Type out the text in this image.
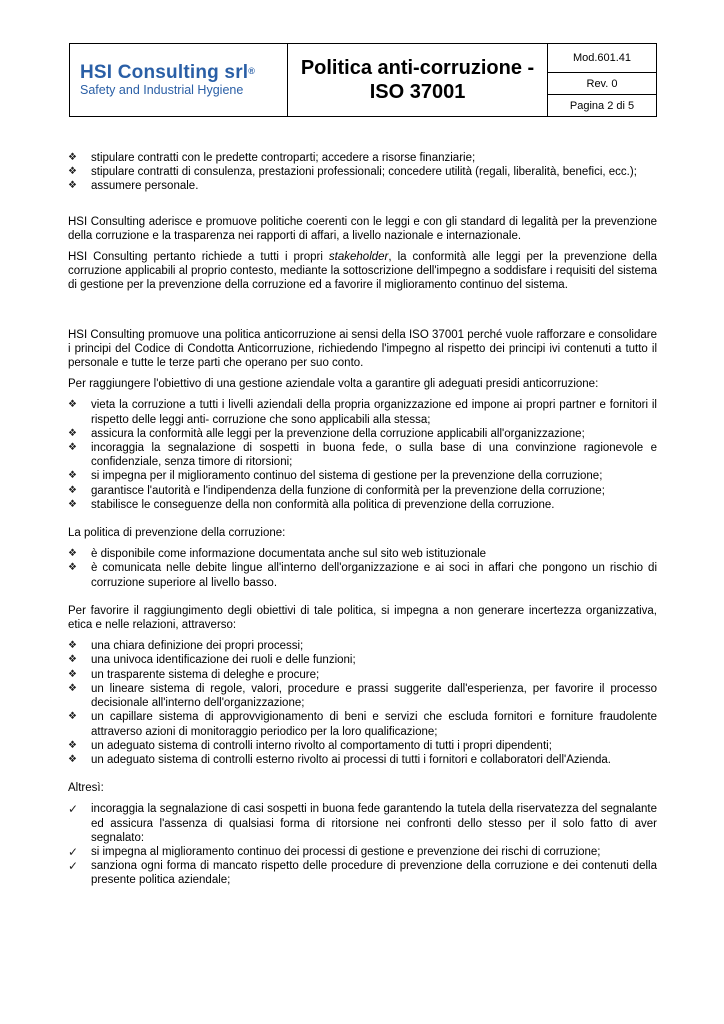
HSI Consulting srl®
Safety and Industrial Hygiene
Politica anti-corruzione - ISO 37001
Mod.601.41
Rev. 0
Pagina 2 di 5
❖ stipulare contratti con le predette controparti; accedere a risorse finanziarie;
❖ stipulare contratti di consulenza, prestazioni professionali; concedere utilità (regali, liberalità, benefici, ecc.);
❖ assumere personale.

HSI Consulting aderisce e promuove politiche coerenti con le leggi e con gli standard di legalità per la prevenzione della corruzione e la trasparenza nei rapporti di affari, a livello nazionale e internazionale.

HSI Consulting pertanto richiede a tutti i propri stakeholder, la conformità alle leggi per la prevenzione della corruzione applicabili al proprio contesto, mediante la sottoscrizione dell'impegno a soddisfare i requisiti del sistema di gestione per la prevenzione della corruzione ed a favorire il miglioramento continuo del sistema.

HSI Consulting promuove una politica anticorruzione ai sensi della ISO 37001 perché vuole rafforzare e consolidare i principi del Codice di Condotta Anticorruzione, richiedendo l'impegno al rispetto dei principi ivi contenuti a tutto il personale e tutte le terze parti che operano per suo conto.

Per raggiungere l'obiettivo di una gestione aziendale volta a garantire gli adeguati presidi anticorruzione:

❖ vieta la corruzione a tutti i livelli aziendali della propria organizzazione ed impone ai propri partner e fornitori il rispetto delle leggi anti- corruzione che sono applicabili alla stessa;
❖ assicura la conformità alle leggi per la prevenzione della corruzione applicabili all'organizzazione;
❖ incoraggia la segnalazione di sospetti in buona fede, o sulla base di una convinzione ragionevole e confidenziale, senza timore di ritorsioni;
❖ si impegna per il miglioramento continuo del sistema di gestione per la prevenzione della corruzione;
❖ garantisce l'autorità e l'indipendenza della funzione di conformità per la prevenzione della corruzione;
❖ stabilisce le conseguenze della non conformità alla politica di prevenzione della corruzione.

La politica di prevenzione della corruzione:

❖ è disponibile come informazione documentata anche sul sito web istituzionale
❖ è comunicata nelle debite lingue all'interno dell'organizzazione e ai soci in affari che pongono un rischio di corruzione superiore al livello basso.

Per favorire il raggiungimento degli obiettivi di tale politica, si impegna a non generare incertezza organizzativa, etica e nelle relazioni, attraverso:

❖ una chiara definizione dei propri processi;
❖ una univoca identificazione dei ruoli e delle funzioni;
❖ un trasparente sistema di deleghe e procure;
❖ un lineare sistema di regole, valori, procedure e prassi suggerite dall'esperienza, per favorire il processo decisionale all'interno dell'organizzazione;
❖ un capillare sistema di approvvigionamento di beni e servizi che escluda fornitori e forniture fraudolente attraverso azioni di monitoraggio periodico per la loro qualificazione;
❖ un adeguato sistema di controlli interno rivolto al comportamento di tutti i propri dipendenti;
❖ un adeguato sistema di controlli esterno rivolto ai processi di tutti i fornitori e collaboratori dell'Azienda.

Altresì:

✓ incoraggia la segnalazione di casi sospetti in buona fede garantendo la tutela della riservatezza del segnalante ed assicura l'assenza di qualsiasi forma di ritorsione nei confronti dello stesso per il solo fatto di aver segnalato:
✓ si impegna al miglioramento continuo dei processi di gestione e prevenzione dei rischi di corruzione;
✓ sanziona ogni forma di mancato rispetto delle procedure di prevenzione della corruzione e dei contenuti della presente politica aziendale;
